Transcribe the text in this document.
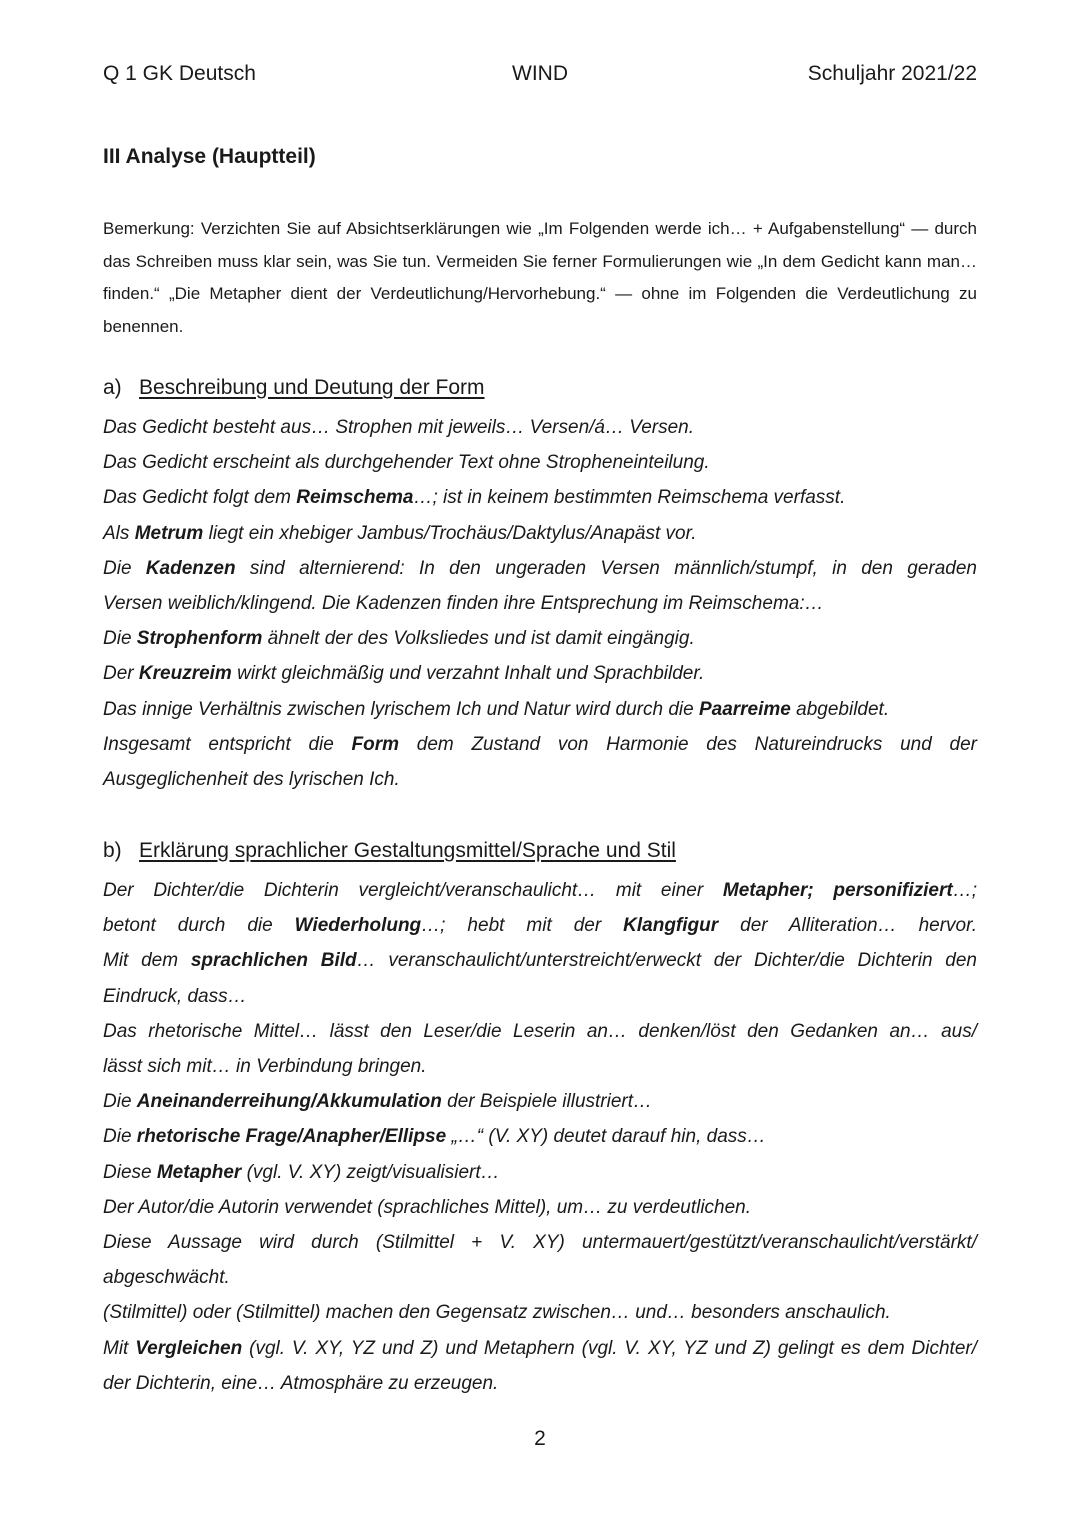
Q 1 GK Deutsch	WIND	Schuljahr 2021/22
III Analyse (Hauptteil)
Bemerkung: Verzichten Sie auf Absichtserklärungen wie „Im Folgenden werde ich… + Aufgabenstellung“ — durch das Schreiben muss klar sein, was Sie tun. Vermeiden Sie ferner Formulierungen wie „In dem Gedicht kann man… finden.“ „Die Metapher dient der Verdeutlichung/Hervorhebung.“ — ohne im Folgenden die Verdeutlichung zu benennen.
a) Beschreibung und Deutung der Form
Das Gedicht besteht aus… Strophen mit jeweils… Versen/á… Versen.
Das Gedicht erscheint als durchgehender Text ohne Stropheneinteilung.
Das Gedicht folgt dem Reimschema…; ist in keinem bestimmten Reimschema verfasst.
Als Metrum liegt ein xhebiger Jambus/Trochäus/Daktylus/Anapäst vor.
Die Kadenzen sind alternierend: In den ungeraden Versen männlich/stumpf, in den geraden
Versen weiblich/klingend. Die Kadenzen finden ihre Entsprechung im Reimschema:…
Die Strophenform ähnelt der des Volksliedes und ist damit eingängig.
Der Kreuzreim wirkt gleichmäßig und verzahnt Inhalt und Sprachbilder.
Das innige Verhältnis zwischen lyrischem Ich und Natur wird durch die Paarreime abgebildet.
Insgesamt entspricht die Form dem Zustand von Harmonie des Natureindrucks und der
Ausgeglichenheit des lyrischen Ich.
b) Erklärung sprachlicher Gestaltungsmittel/Sprache und Stil
Der Dichter/die Dichterin vergleicht/veranschaulicht… mit einer Metapher; personifiziert…;
betont durch die Wiederholung…; hebt mit der Klangfigur der Alliteration… hervor.
Mit dem sprachlichen Bild… veranschaulicht/unterstreicht/erweckt der Dichter/die Dichterin den
Eindruck, dass…
Das rhetorische Mittel… lässt den Leser/die Leserin an… denken/löst den Gedanken an… aus/
lässt sich mit… in Verbindung bringen.
Die Aneinanderreihung/Akkumulation der Beispiele illustriert…
Die rhetorische Frage/Anapher/Ellipse „…“ (V. XY) deutet darauf hin, dass…
Diese Metapher (vgl. V. XY) zeigt/visualisiert…
Der Autor/die Autorin verwendet (sprachliches Mittel), um… zu verdeutlichen.
Diese Aussage wird durch (Stilmittel + V. XY) untermauert/gestützt/veranschaulicht/verstärkt/
abgeschwächt.
(Stilmittel) oder (Stilmittel) machen den Gegensatz zwischen… und… besonders anschaulich.
Mit Vergleichen (vgl. V. XY, YZ und Z) und Metaphern (vgl. V. XY, YZ und Z) gelingt es dem Dichter/
der Dichterin, eine… Atmosphäre zu erzeugen.
2
